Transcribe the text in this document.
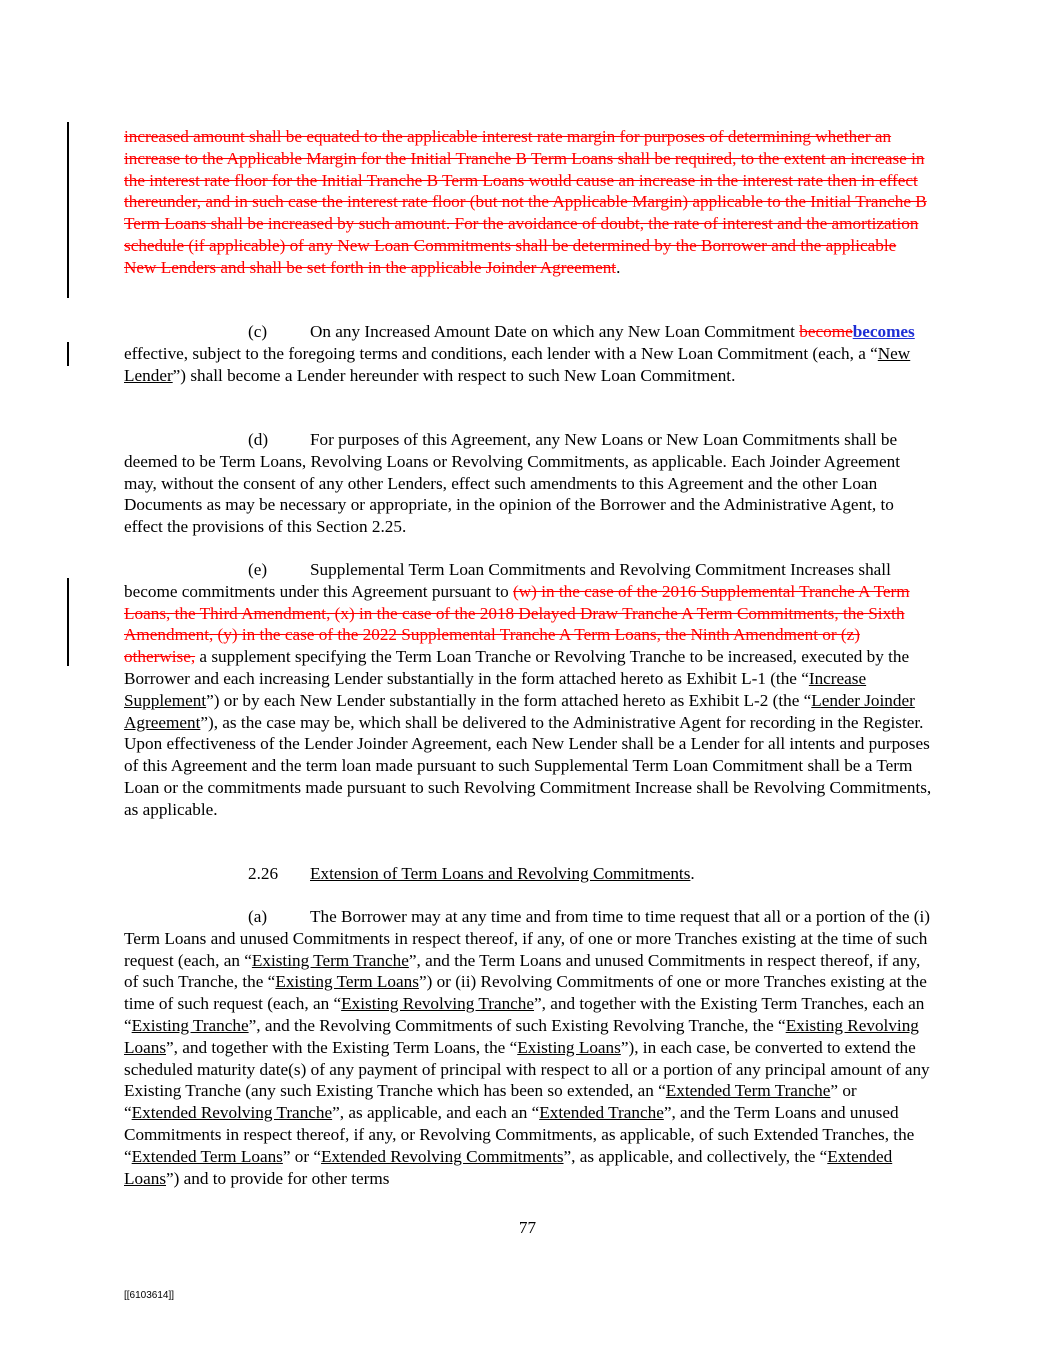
increased amount shall be equated to the applicable interest rate margin for purposes of determining whether an increase to the Applicable Margin for the Initial Tranche B Term Loans shall be required, to the extent an increase in the interest rate floor for the Initial Tranche B Term Loans would cause an increase in the interest rate then in effect thereunder, and in such case the interest rate floor (but not the Applicable Margin) applicable to the Initial Tranche B Term Loans shall be increased by such amount. For the avoidance of doubt, the rate of interest and the amortization schedule (if applicable) of any New Loan Commitments shall be determined by the Borrower and the applicable New Lenders and shall be set forth in the applicable Joinder Agreement.

(c) On any Increased Amount Date on which any New Loan Commitment becomebecomes effective, subject to the foregoing terms and conditions, each lender with a New Loan Commitment (each, a “New Lender”) shall become a Lender hereunder with respect to such New Loan Commitment.

(d) For purposes of this Agreement, any New Loans or New Loan Commitments shall be deemed to be Term Loans, Revolving Loans or Revolving Commitments, as applicable. Each Joinder Agreement may, without the consent of any other Lenders, effect such amendments to this Agreement and the other Loan Documents as may be necessary or appropriate, in the opinion of the Borrower and the Administrative Agent, to effect the provisions of this Section 2.25.

(e) Supplemental Term Loan Commitments and Revolving Commitment Increases shall become commitments under this Agreement pursuant to (w) in the case of the 2016 Supplemental Tranche A Term Loans, the Third Amendment, (x) in the case of the 2018 Delayed Draw Tranche A Term Commitments, the Sixth Amendment, (y) in the case of the 2022 Supplemental Tranche A Term Loans, the Ninth Amendment or (z) otherwise, a supplement specifying the Term Loan Tranche or Revolving Tranche to be increased, executed by the Borrower and each increasing Lender substantially in the form attached hereto as Exhibit L-1 (the “Increase Supplement”) or by each New Lender substantially in the form attached hereto as Exhibit L-2 (the “Lender Joinder Agreement”), as the case may be, which shall be delivered to the Administrative Agent for recording in the Register. Upon effectiveness of the Lender Joinder Agreement, each New Lender shall be a Lender for all intents and purposes of this Agreement and the term loan made pursuant to such Supplemental Term Loan Commitment shall be a Term Loan or the commitments made pursuant to such Revolving Commitment Increase shall be Revolving Commitments, as applicable.

2.26 Extension of Term Loans and Revolving Commitments.

(a) The Borrower may at any time and from time to time request that all or a portion of the (i) Term Loans and unused Commitments in respect thereof, if any, of one or more Tranches existing at the time of such request (each, an “Existing Term Tranche”, and the Term Loans and unused Commitments in respect thereof, if any, of such Tranche, the “Existing Term Loans”) or (ii) Revolving Commitments of one or more Tranches existing at the time of such request (each, an “Existing Revolving Tranche”, and together with the Existing Term Tranches, each an “Existing Tranche”, and the Revolving Commitments of such Existing Revolving Tranche, the “Existing Revolving Loans”, and together with the Existing Term Loans, the “Existing Loans”), in each case, be converted to extend the scheduled maturity date(s) of any payment of principal with respect to all or a portion of any principal amount of any Existing Tranche (any such Existing Tranche which has been so extended, an “Extended Term Tranche” or “Extended Revolving Tranche”, as applicable, and each an “Extended Tranche”, and the Term Loans and unused Commitments in respect thereof, if any, or Revolving Commitments, as applicable, of such Extended Tranches, the “Extended Term Loans” or “Extended Revolving Commitments”, as applicable, and collectively, the “Extended Loans”) and to provide for other terms

77
[[6103614]]
